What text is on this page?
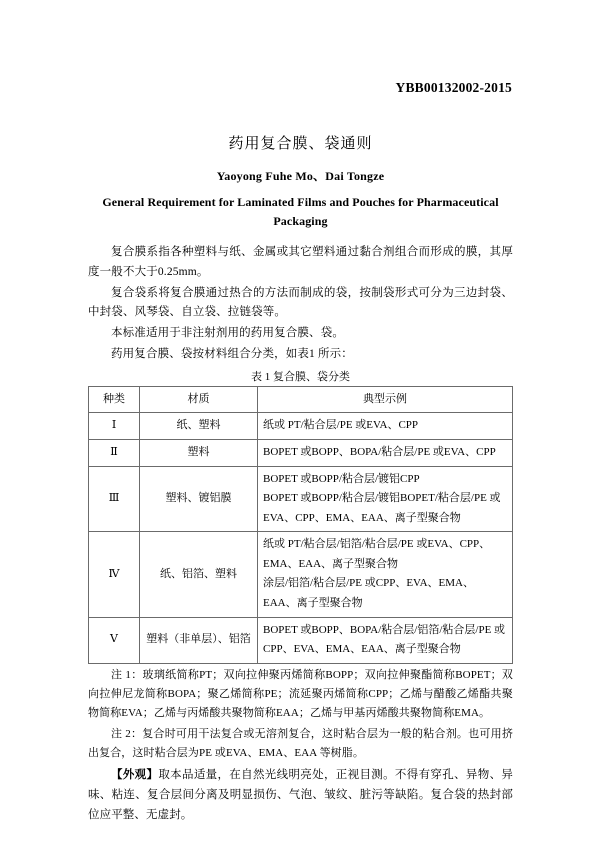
YBB00132002-2015
药用复合膜、袋通则
Yaoyong Fuhe Mo、Dai Tongze
General Requirement for Laminated Films and Pouches for Pharmaceutical Packaging

复合膜系指各种塑料与纸、金属或其它塑料通过黏合剂组合而形成的膜，其厚度一般不大于0.25mm。

复合袋系将复合膜通过热合的方法而制成的袋，按制袋形式可分为三边封袋、中封袋、风琴袋、自立袋、拉链袋等。

本标准适用于非注射剂用的药用复合膜、袋。

药用复合膜、袋按材料组合分类，如表1 所示：

表 1 复合膜、袋分类
种类	材质	典型示例
Ⅰ	纸、塑料	纸或 PT/粘合层/PE 或EVA、CPP

Ⅱ	塑料	BOPET 或BOPP、BOPA/粘合层/PE 或EVA、CPP

Ⅲ	塑料、镀铝膜	BOPET 或BOPP/粘合层/镀铝CPP
BOPET 或BOPP/粘合层/镀铝BOPET/粘合层/PE 或EVA、CPP、EMA、EAA、离子型聚合物

Ⅳ	纸、铝箔、塑料	纸或 PT/粘合层/铝箔/粘合层/PE 或EVA、CPP、EMA、EAA、离子型聚合物
涂层/铝箔/粘合层/PE 或CPP、EVA、EMA、EAA、离子型聚合物

Ⅴ	塑料（非单层）、铝箔	BOPET 或BOPP、BOPA/粘合层/铝箔/粘合层/PE 或CPP、EVA、EMA、EAA、离子型聚合物

注 1：玻璃纸简称PT；双向拉伸聚丙烯简称BOPP；双向拉伸聚酯简称BOPET；双向拉伸尼龙简称BOPA；聚乙烯简称PE；流延聚丙烯简称CPP；乙烯与醋酸乙烯酯共聚物简称EVA；乙烯与丙烯酸共聚物简称EAA；乙烯与甲基丙烯酸共聚物简称EMA。

注 2：复合时可用干法复合或无溶剂复合，这时粘合层为一般的粘合剂。也可用挤出复合，这时粘合层为PE 或EVA、EMA、EAA 等树脂。

【外观】取本品适量，在自然光线明亮处，正视目测。不得有穿孔、异物、异味、粘连、复合层间分离及明显损伤、气泡、皱纹、脏污等缺陷。复合袋的热封部位应平整、无虚封。
